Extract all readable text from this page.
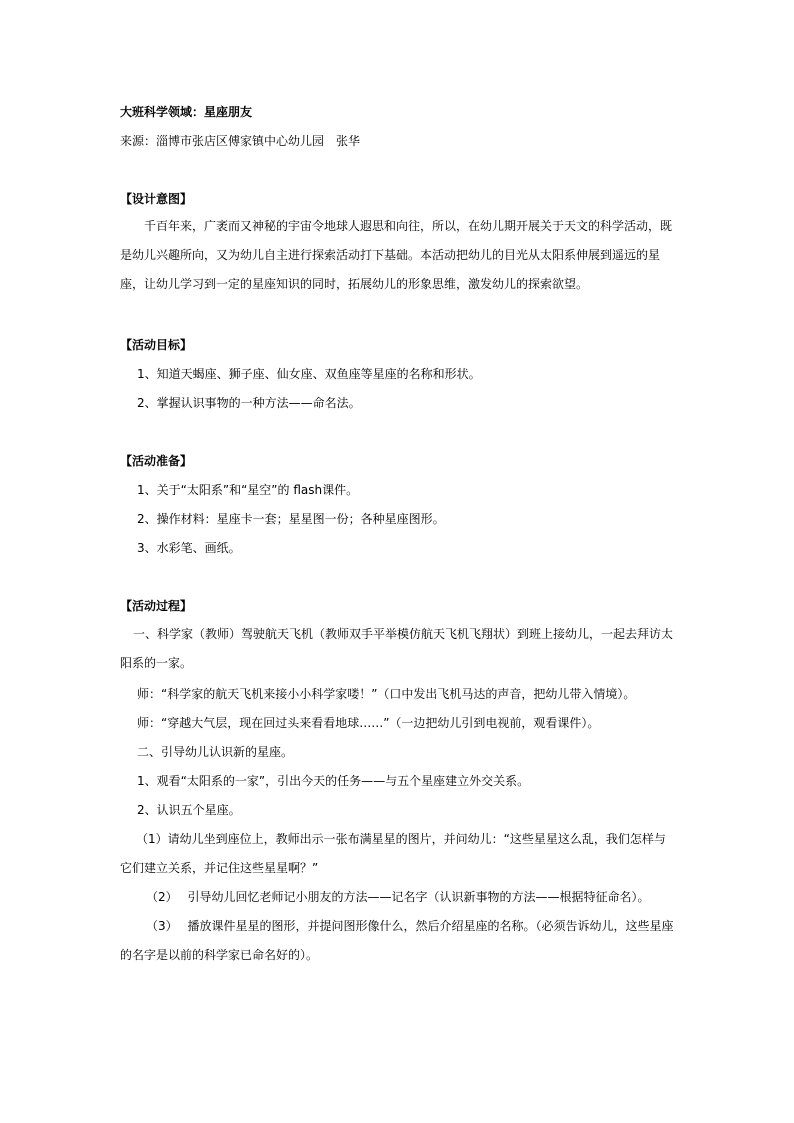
大班科学领域：星座朋友
来源：淄博市张店区傅家镇中心幼儿园　张华
【设计意图】
千百年来，广袤而又神秘的宇宙令地球人遐思和向往，所以，在幼儿期开展关于天文的科学活动，既是幼儿兴趣所向，又为幼儿自主进行探索活动打下基础。本活动把幼儿的目光从太阳系伸展到遥远的星座，让幼儿学习到一定的星座知识的同时，拓展幼儿的形象思维，激发幼儿的探索欲望。
【活动目标】
1、知道天蝎座、狮子座、仙女座、双鱼座等星座的名称和形状。
2、掌握认识事物的一种方法——命名法。
【活动准备】
1、关于“太阳系”和“星空”的 flash课件。
2、操作材料：星座卡一套；星星图一份；各种星座图形。
3、水彩笔、画纸。
【活动过程】
一、科学家（教师）驾驶航天飞机（教师双手平举模仿航天飞机飞翔状）到班上接幼儿，一起去拜访太阳系的一家。
师：“科学家的航天飞机来接小小科学家喽！”（口中发出飞机马达的声音，把幼儿带入情境）。
师：“穿越大气层，现在回过头来看看地球……”（一边把幼儿引到电视前，观看课件）。
二、引导幼儿认识新的星座。
1、观看“太阳系的一家”，引出今天的任务——与五个星座建立外交关系。
2、认识五个星座。
（1）请幼儿坐到座位上，教师出示一张布满星星的图片，并问幼儿：“这些星星这么乱，我们怎样与它们建立关系，并记住这些星星啊？”
（2）　 引导幼儿回忆老师记小朋友的方法——记名字（认识新事物的方法——根据特征命名）。
（3）　 播放课件星星的图形，并提问图形像什么，然后介绍星座的名称。（必须告诉幼儿，这些星座的名字是以前的科学家已命名好的）。
